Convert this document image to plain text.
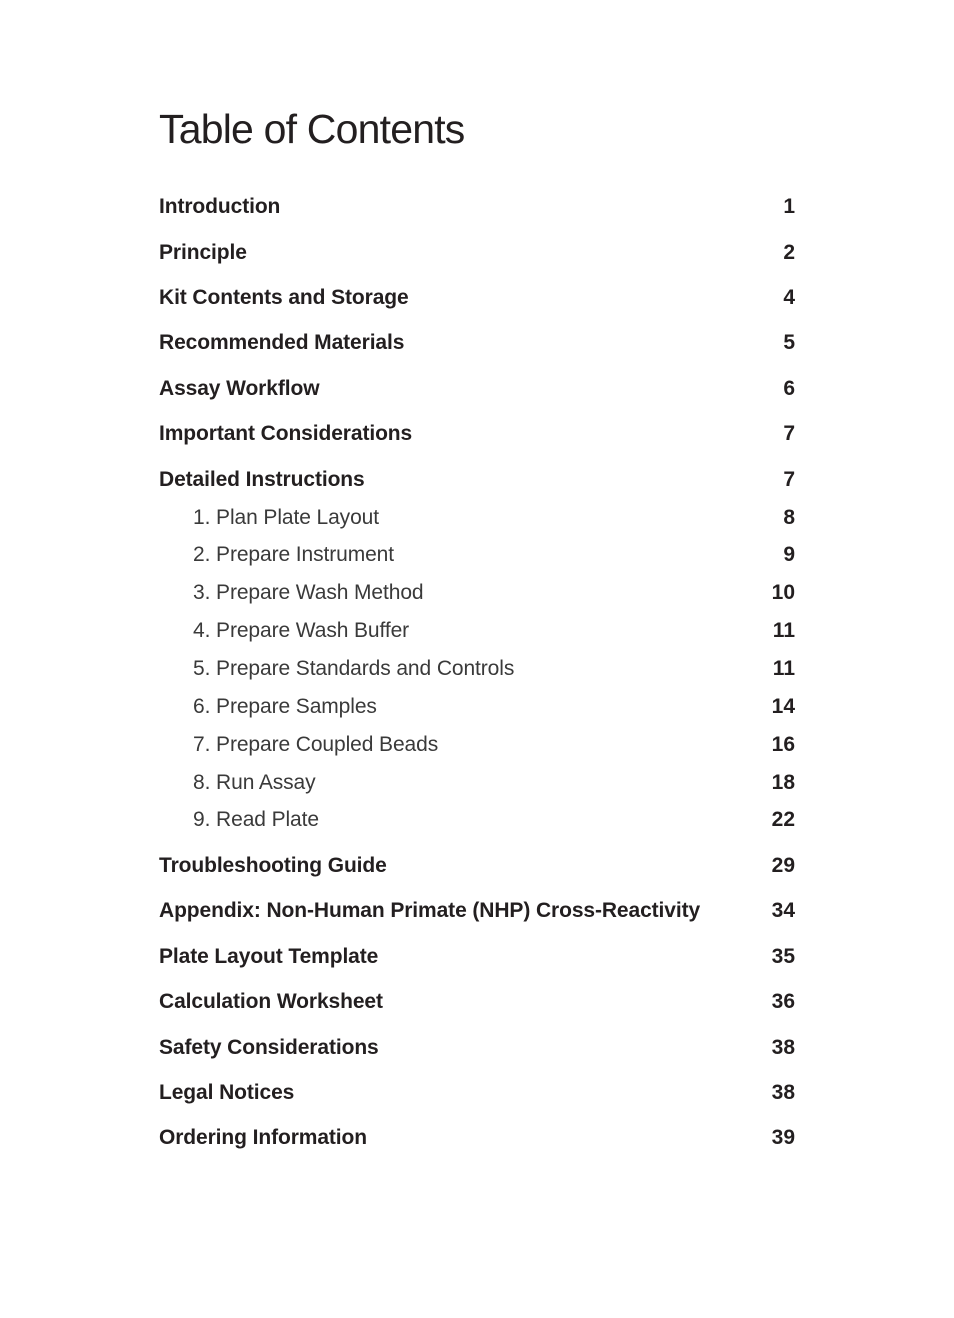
Table of Contents
Introduction	1
Principle	2
Kit Contents and Storage	4
Recommended Materials	5
Assay Workflow	6
Important Considerations	7
Detailed Instructions	7
1. Plan Plate Layout	8
2. Prepare Instrument	9
3. Prepare Wash Method	10
4. Prepare Wash Buffer	11
5. Prepare Standards and Controls	11
6. Prepare Samples	14
7. Prepare Coupled Beads	16
8. Run Assay	18
9. Read Plate	22
Troubleshooting Guide	29
Appendix: Non-Human Primate (NHP) Cross-Reactivity	34
Plate Layout Template	35
Calculation Worksheet	36
Safety Considerations	38
Legal Notices	38
Ordering Information	39
